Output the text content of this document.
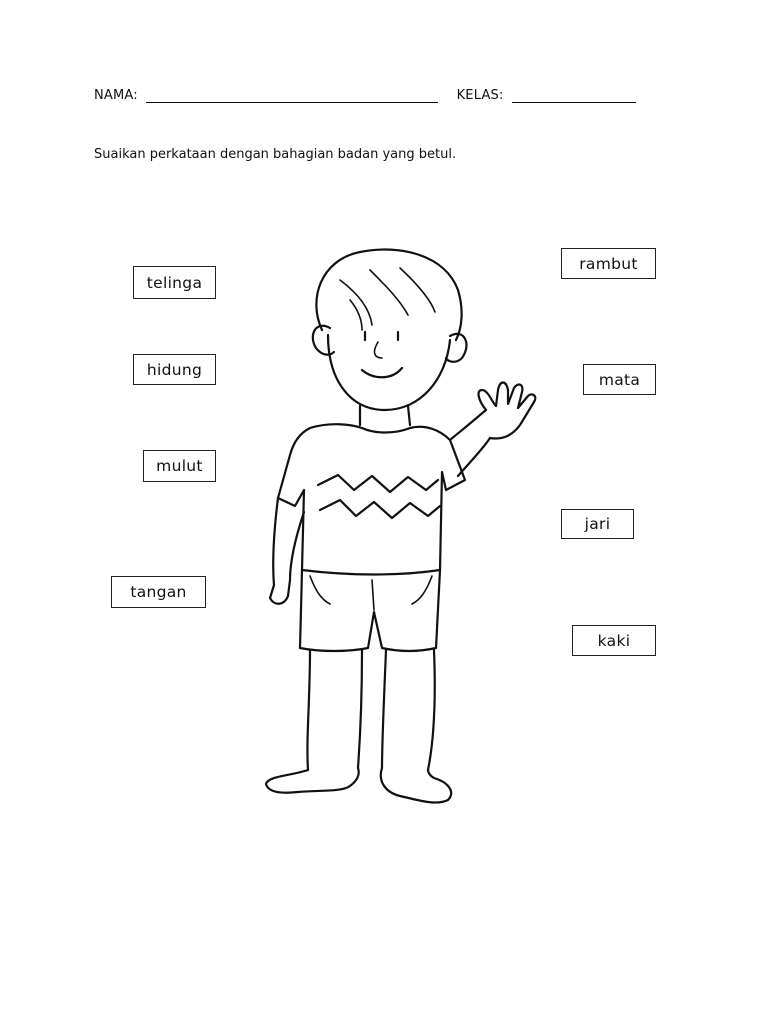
NAMA:	KELAS:
Suaikan perkataan dengan bahagian badan yang betul.
telinga
hidung
mulut
tangan
rambut
mata
jari
kaki
